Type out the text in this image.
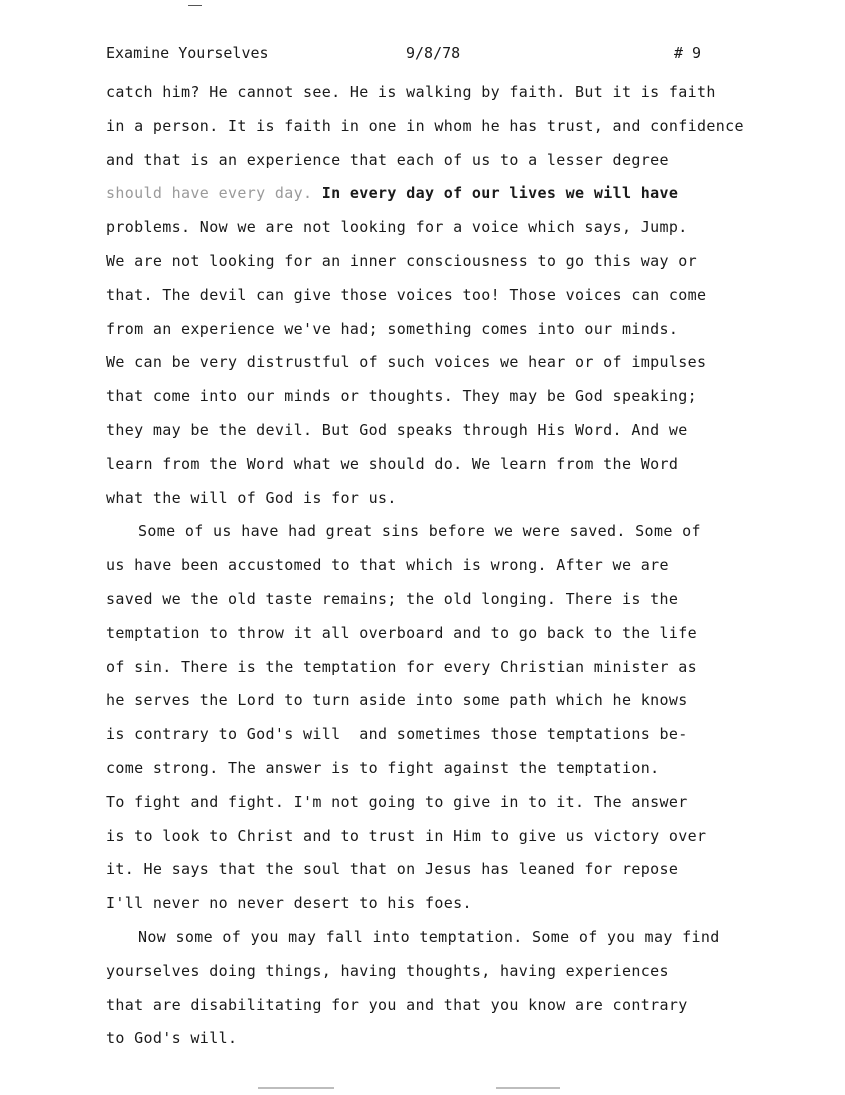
Examine Yourselves	9/8/78	# 9
catch him? He cannot see. He is walking by faith. But it is faith
in a person. It is faith in one in whom he has trust, and confidence
and that is an experience that each of us to a lesser degree
should have every day. In every day of our lives we will have
problems. Now we are not looking for a voice which says, Jump.
We are not looking for an inner consciousness to go this way or
that. The devil can give those voices too! Those voices can come
from an experience we've had; something comes into our minds.
We can be very distrustful of such voices we hear or of impulses
that come into our minds or thoughts. They may be God speaking;
they may be the devil. But God speaks through His Word. And we
learn from the Word what we should do. We learn from the Word
what the will of God is for us.
Some of us have had great sins before we were saved. Some of
us have been accustomed to that which is wrong. After we are
saved we the old taste remains; the old longing. There is the
temptation to throw it all overboard and to go back to the life
of sin. There is the temptation for every Christian minister as
he serves the Lord to turn aside into some path which he knows
is contrary to God's will  and sometimes those temptations be-
come strong. The answer is to fight against the temptation.
To fight and fight. I'm not going to give in to it. The answer
is to look to Christ and to trust in Him to give us victory over
it. He says that the soul that on Jesus has leaned for repose
I'll never no never desert to his foes.
Now some of you may fall into temptation. Some of you may find
yourselves doing things, having thoughts, having experiences
that are disabilitating for you and that you know are contrary
to God's will.
